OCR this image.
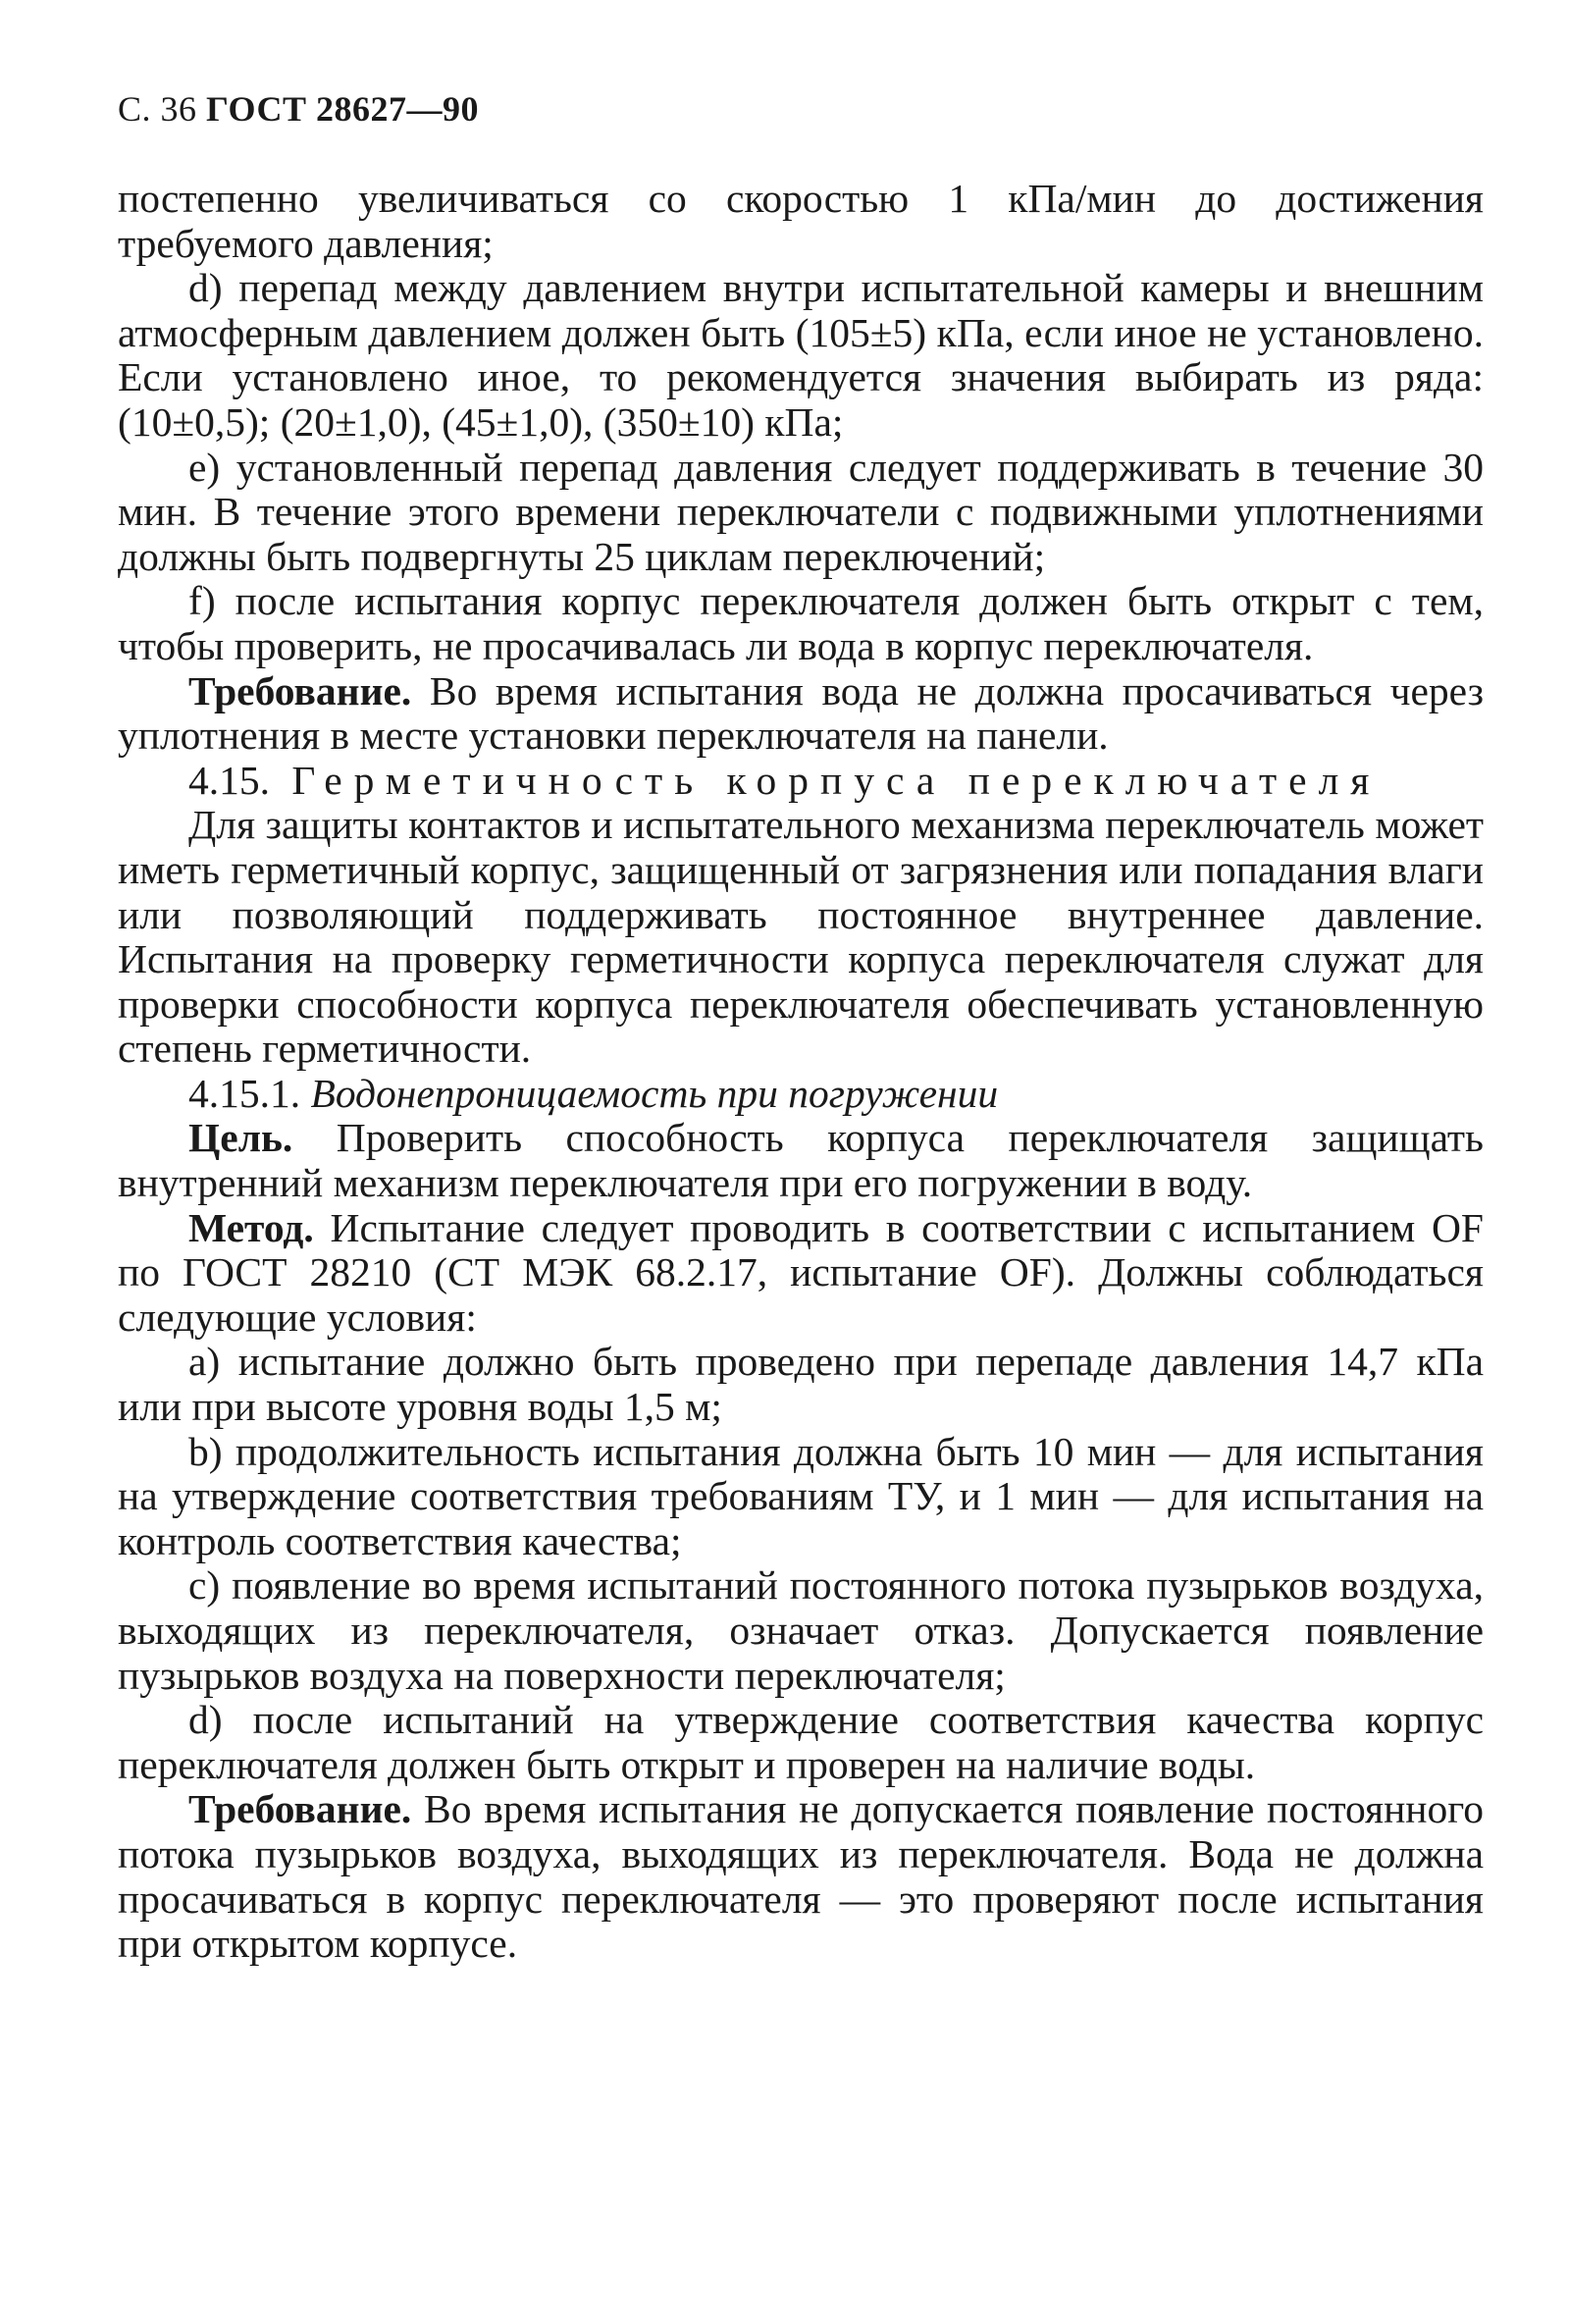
С. 36 ГОСТ 28627—90

постепенно увеличиваться со скоростью 1 кПа/мин до достижения требуемого давления;

d) перепад между давлением внутри испытательной камеры и внешним атмосферным давлением должен быть (105±5) кПа, если иное не установлено. Если установлено иное, то рекомендуется значения выбирать из ряда: (10±0,5); (20±1,0), (45±1,0), (350±10) кПа;

е) установленный перепад давления следует поддерживать в течение 30 мин. В течение этого времени переключатели с подвижными уплотнениями должны быть подвергнуты 25 циклам переключений;

f) после испытания корпус переключателя должен быть открыт с тем, чтобы проверить, не просачивалась ли вода в корпус переключателя.

Требование. Во время испытания вода не должна просачиваться через уплотнения в месте установки переключателя на панели.

4.15. Герметичность корпуса переключателя

Для защиты контактов и испытательного механизма переключатель может иметь герметичный корпус, защищенный от загрязнения или попадания влаги или позволяющий поддерживать постоянное внутреннее давление. Испытания на проверку герметичности корпуса переключателя служат для проверки способности корпуса переключателя обеспечивать установленную степень герметичности.

4.15.1. Водонепроницаемость при погружении

Цель. Проверить способность корпуса переключателя защищать внутренний механизм переключателя при его погружении в воду.

Метод. Испытание следует проводить в соответствии с испытанием OF по ГОСТ 28210 (СТ МЭК 68.2.17, испытание OF). Должны соблюдаться следующие условия:

а) испытание должно быть проведено при перепаде давления 14,7 кПа или при высоте уровня воды 1,5 м;

b) продолжительность испытания должна быть 10 мин — для испытания на утверждение соответствия требованиям ТУ, и 1 мин — для испытания на контроль соответствия качества;

с) появление во время испытаний постоянного потока пузырьков воздуха, выходящих из переключателя, означает отказ. Допускается появление пузырьков воздуха на поверхности переключателя;

d) после испытаний на утверждение соответствия качества корпус переключателя должен быть открыт и проверен на наличие воды.

Требование. Во время испытания не допускается появление постоянного потока пузырьков воздуха, выходящих из переключателя. Вода не должна просачиваться в корпус переключателя — это проверяют после испытания при открытом корпусе.
